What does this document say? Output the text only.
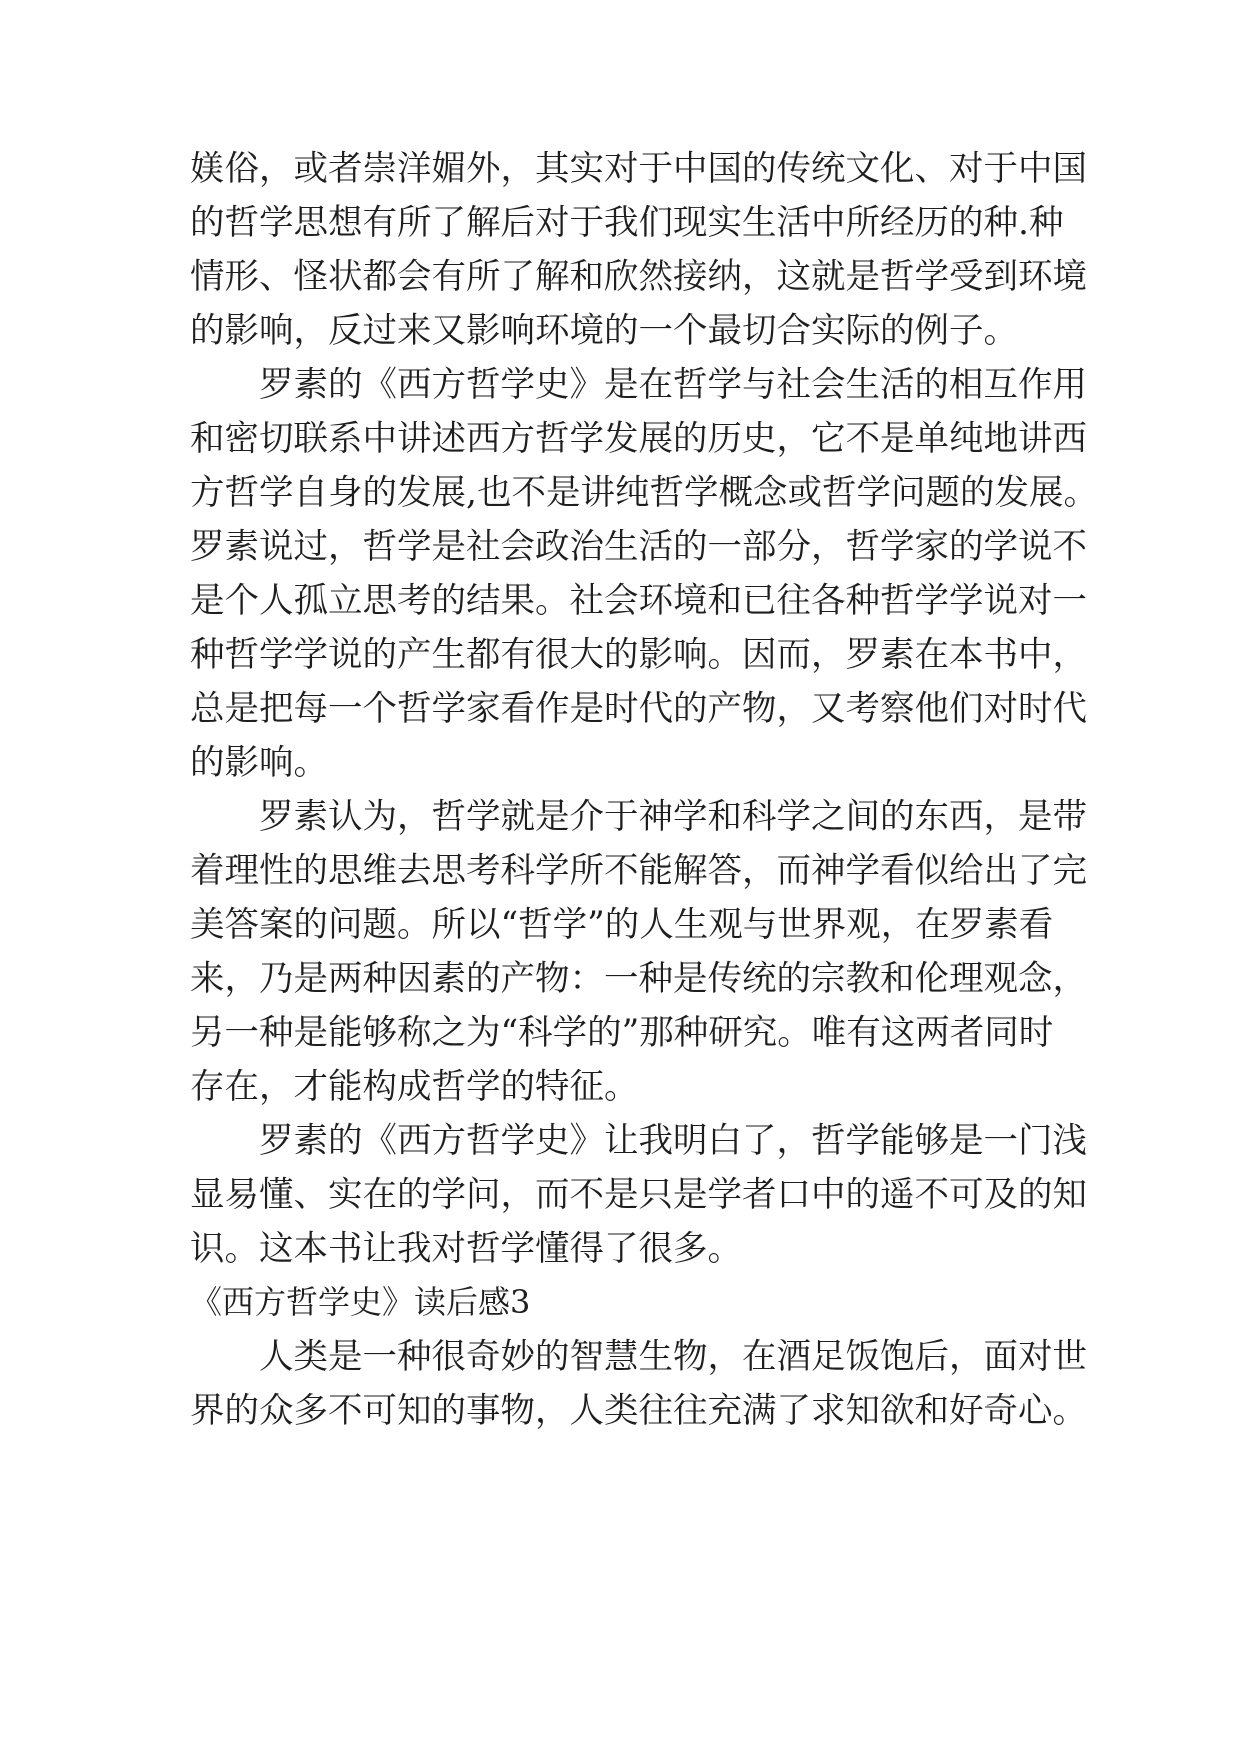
媄俗，或者崇洋媚外，其实对于中国的传统文化、对于中国
的哲学思想有所了解后对于我们现实生活中所经历的种.种
情形、怪状都会有所了解和欣然接纳，这就是哲学受到环境
的影响，反过来又影响环境的一个最切合实际的例子。
　　罗素的《西方哲学史》是在哲学与社会生活的相互作用
和密切联系中讲述西方哲学发展的历史，它不是单纯地讲西
方哲学自身的发展,也不是讲纯哲学概念或哲学问题的发展。
罗素说过，哲学是社会政治生活的一部分，哲学家的学说不
是个人孤立思考的结果。社会环境和已往各种哲学学说对一
种哲学学说的产生都有很大的影响。因而，罗素在本书中，
总是把每一个哲学家看作是时代的产物，又考察他们对时代
的影响。
　　罗素认为，哲学就是介于神学和科学之间的东西，是带
着理性的思维去思考科学所不能解答，而神学看似给出了完
美答案的问题。所以“哲学”的人生观与世界观，在罗素看
来，乃是两种因素的产物：一种是传统的宗教和伦理观念，
另一种是能够称之为“科学的”那种研究。唯有这两者同时
存在，才能构成哲学的特征。
　　罗素的《西方哲学史》让我明白了，哲学能够是一门浅
显易懂、实在的学问，而不是只是学者口中的遥不可及的知
识。这本书让我对哲学懂得了很多。
《西方哲学史》读后感3
　　人类是一种很奇妙的智慧生物，在酒足饭饱后，面对世
界的众多不可知的事物，人类往往充满了求知欲和好奇心。
